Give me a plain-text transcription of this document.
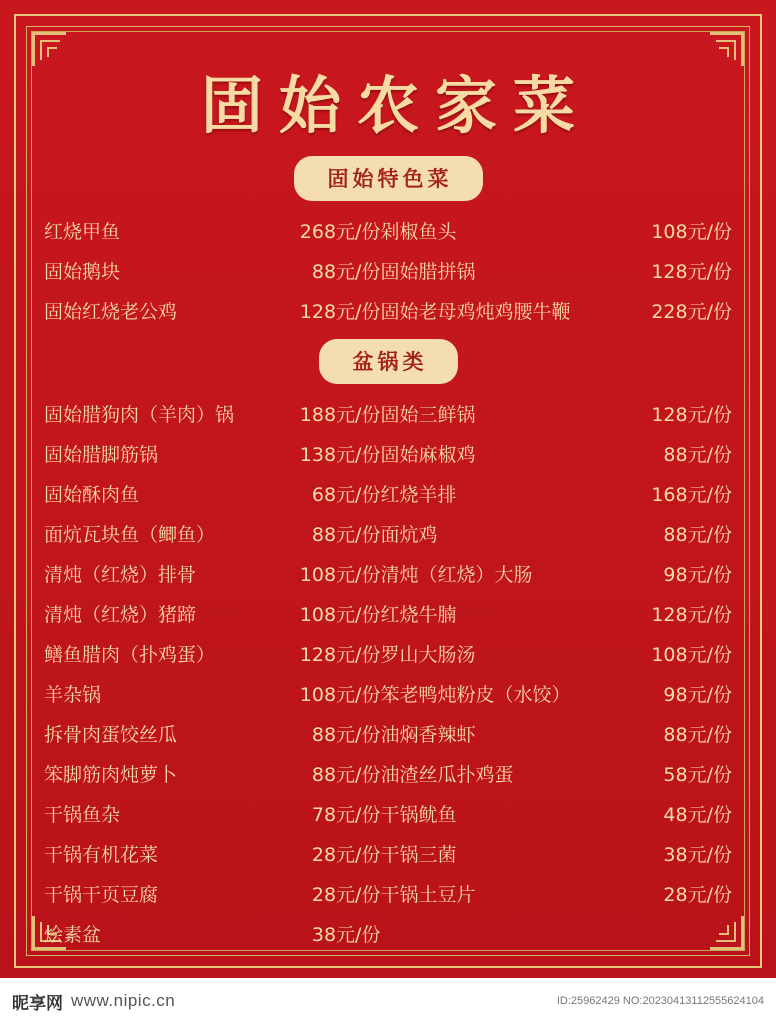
固始农家菜
固始特色菜
红烧甲鱼	268元/份	剁椒鱼头	108元/份
固始鹅块	88元/份	固始腊拼锅	128元/份
固始红烧老公鸡	128元/份	固始老母鸡炖鸡腰牛鞭	228元/份
盆锅类
固始腊狗肉（羊肉）锅	188元/份	固始三鲜锅	128元/份
固始腊脚筋锅	138元/份	固始麻椒鸡	88元/份
固始酥肉鱼	68元/份	红烧羊排	168元/份
面炕瓦块鱼（鲫鱼）	88元/份	面炕鸡	88元/份
清炖（红烧）排骨	108元/份	清炖（红烧）大肠	98元/份
清炖（红烧）猪蹄	108元/份	红烧牛腩	128元/份
鳝鱼腊肉（扑鸡蛋）	128元/份	罗山大肠汤	108元/份
羊杂锅	108元/份	笨老鸭炖粉皮（水饺）	98元/份
拆骨肉蛋饺丝瓜	88元/份	油焖香辣虾	88元/份
笨脚筋肉炖萝卜	88元/份	油渣丝瓜扑鸡蛋	58元/份
干锅鱼杂	78元/份	干锅鱿鱼	48元/份
干锅有机花菜	28元/份	干锅三菌	38元/份
干锅干页豆腐	28元/份	干锅土豆片	28元/份
烩素盆	38元/份		

昵享网 www.nipic.cn	ID:25962429 NO:20230413112555624104
